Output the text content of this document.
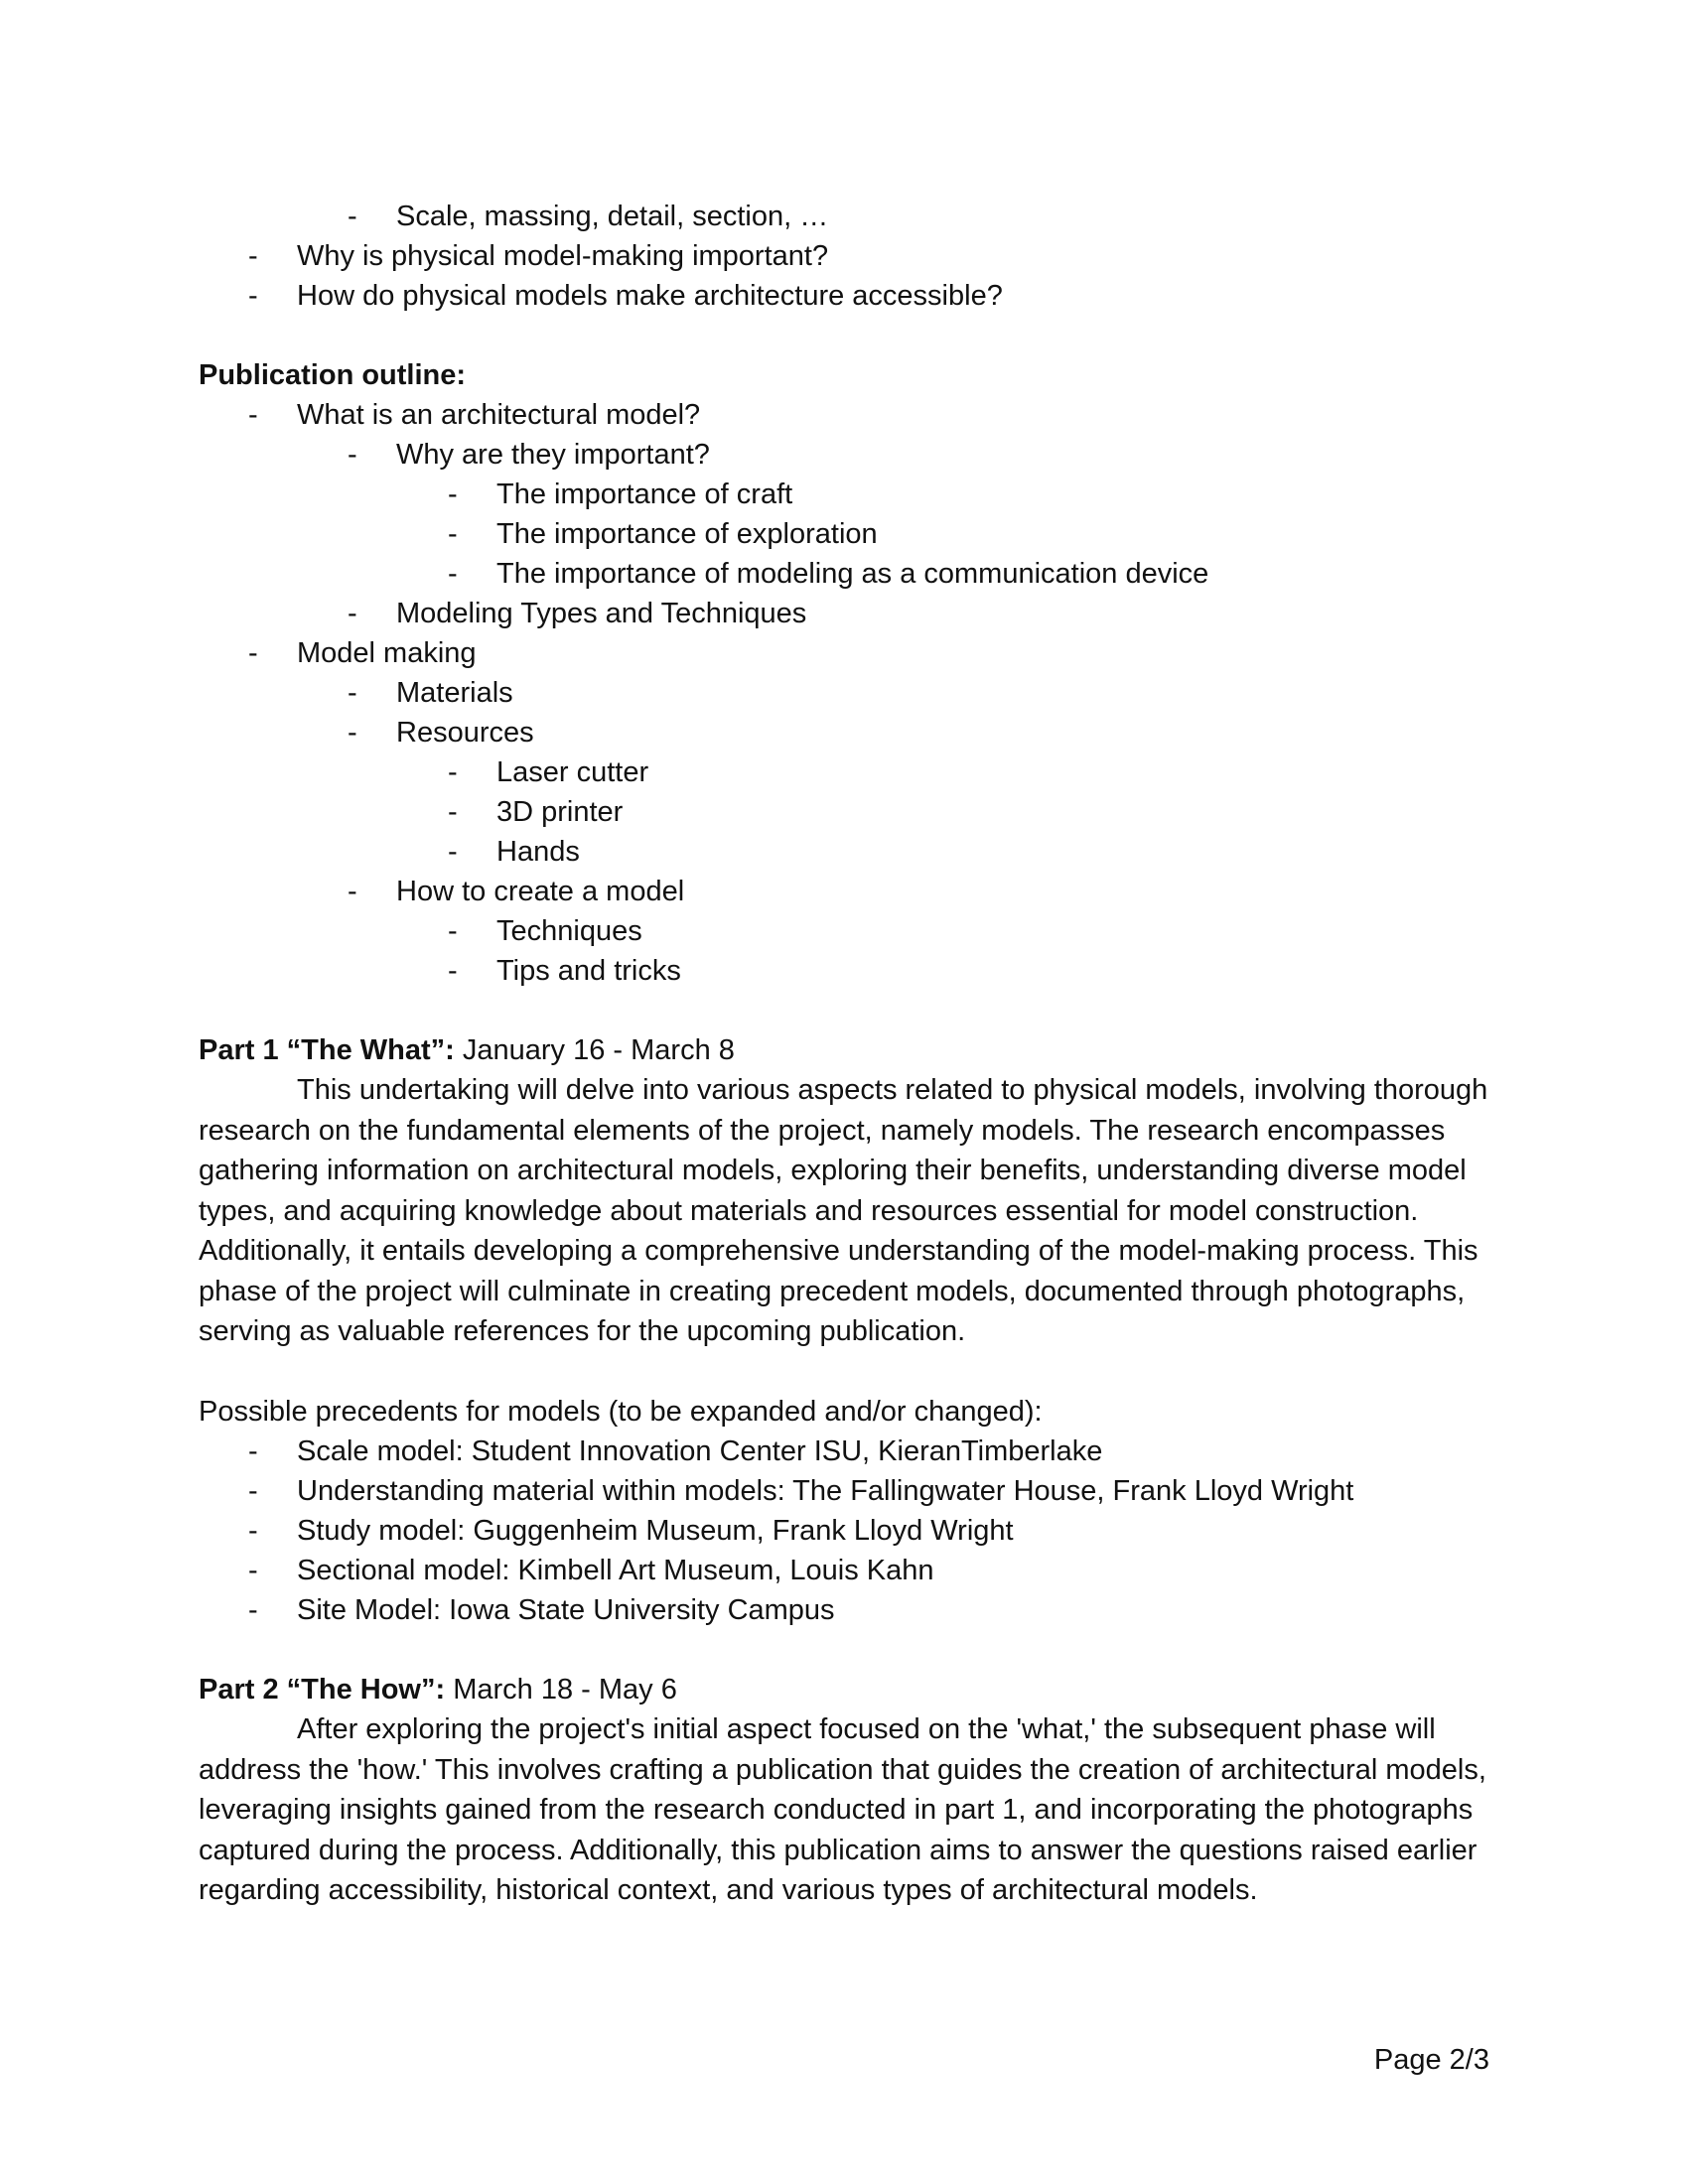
- Scale, massing, detail, section, …
- Why is physical model-making important?
- How do physical models make architecture accessible?
Publication outline:
- What is an architectural model?
- Why are they important?
- The importance of craft
- The importance of exploration
- The importance of modeling as a communication device
- Modeling Types and Techniques
- Model making
- Materials
- Resources
- Laser cutter
- 3D printer
- Hands
- How to create a model
- Techniques
- Tips and tricks
Part 1 “The What”: January 16 - March 8
This undertaking will delve into various aspects related to physical models, involving thorough research on the fundamental elements of the project, namely models. The research encompasses gathering information on architectural models, exploring their benefits, understanding diverse model types, and acquiring knowledge about materials and resources essential for model construction. Additionally, it entails developing a comprehensive understanding of the model-making process. This phase of the project will culminate in creating precedent models, documented through photographs, serving as valuable references for the upcoming publication.
Possible precedents for models (to be expanded and/or changed):
- Scale model: Student Innovation Center ISU, KieranTimberlake
- Understanding material within models: The Fallingwater House, Frank Lloyd Wright
- Study model: Guggenheim Museum, Frank Lloyd Wright
- Sectional model: Kimbell Art Museum, Louis Kahn
- Site Model: Iowa State University Campus
Part 2 “The How”: March 18 - May 6
After exploring the project's initial aspect focused on the 'what,' the subsequent phase will address the 'how.' This involves crafting a publication that guides the creation of architectural models, leveraging insights gained from the research conducted in part 1, and incorporating the photographs captured during the process. Additionally, this publication aims to answer the questions raised earlier regarding accessibility, historical context, and various types of architectural models.
Page 2/3
